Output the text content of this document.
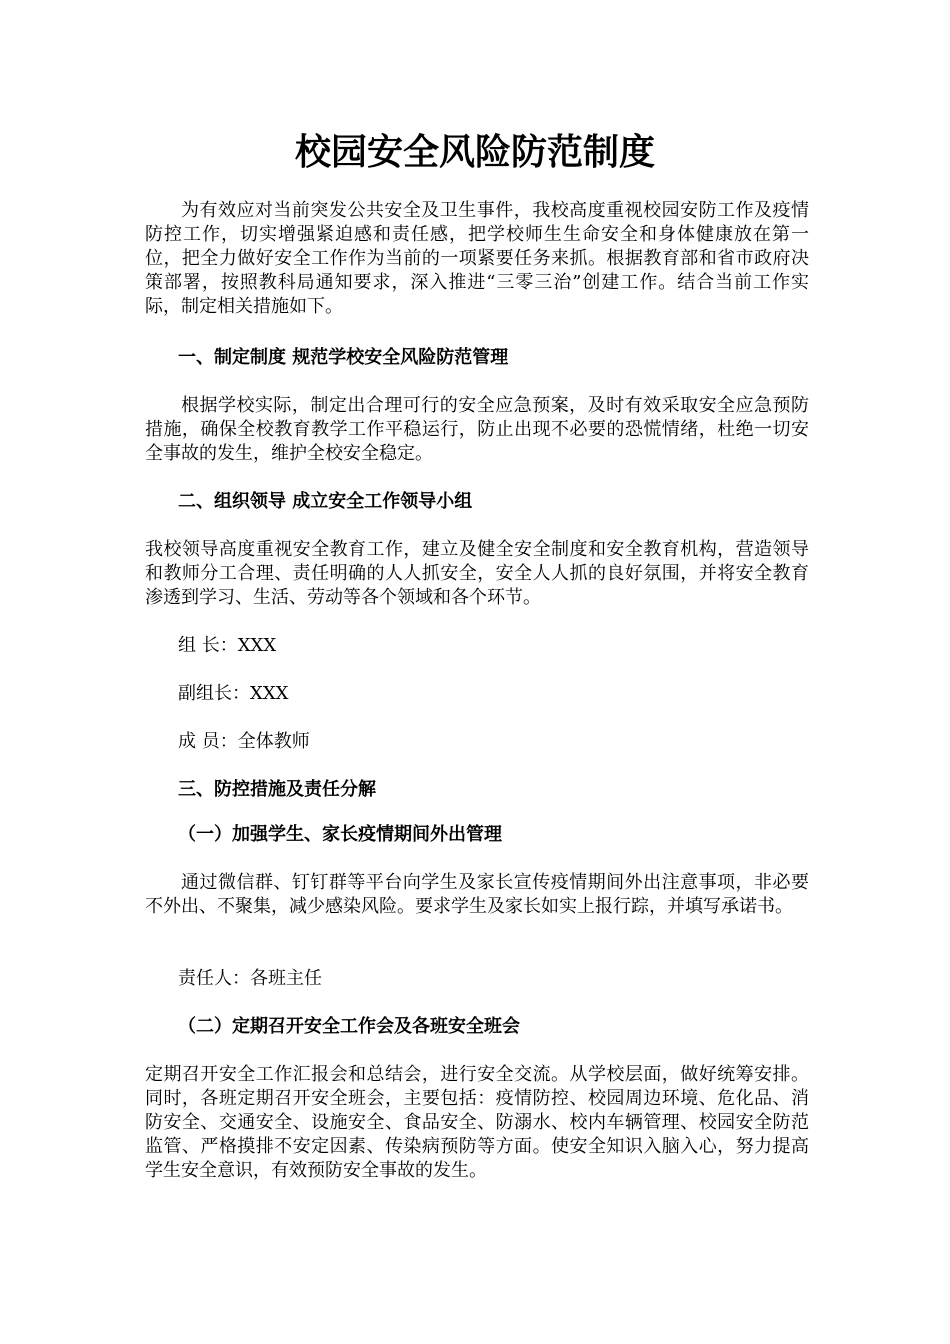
校园安全风险防范制度

为有效应对当前突发公共安全及卫生事件，我校高度重视校园安防工作及疫情防控工作，切实增强紧迫感和责任感，把学校师生生命安全和身体健康放在第一位，把全力做好安全工作作为当前的一项紧要任务来抓。根据教育部和省市政府决策部署，按照教科局通知要求，深入推进“三零三治”创建工作。结合当前工作实际，制定相关措施如下。

一、制定制度 规范学校安全风险防范管理

根据学校实际，制定出合理可行的安全应急预案，及时有效采取安全应急预防措施，确保全校教育教学工作平稳运行，防止出现不必要的恐慌情绪，杜绝一切安全事故的发生，维护全校安全稳定。

二、组织领导 成立安全工作领导小组

我校领导高度重视安全教育工作，建立及健全安全制度和安全教育机构，营造领导和教师分工合理、责任明确的人人抓安全，安全人人抓的良好氛围，并将安全教育渗透到学习、生活、劳动等各个领域和各个环节。

组 长：XXX
副组长：XXX
成 员：全体教师
三、防控措施及责任分解
（一）加强学生、家长疫情期间外出管理

通过微信群、钉钉群等平台向学生及家长宣传疫情期间外出注意事项，非必要不外出、不聚集，减少感染风险。要求学生及家长如实上报行踪，并填写承诺书。

责任人：各班主任
（二）定期召开安全工作会及各班安全班会

定期召开安全工作汇报会和总结会，进行安全交流。从学校层面，做好统筹安排。同时，各班定期召开安全班会，主要包括：疫情防控、校园周边环境、危化品、消防安全、交通安全、设施安全、食品安全、防溺水、校内车辆管理、校园安全防范监管、严格摸排不安定因素、传染病预防等方面。使安全知识入脑入心，努力提高学生安全意识，有效预防安全事故的发生。
